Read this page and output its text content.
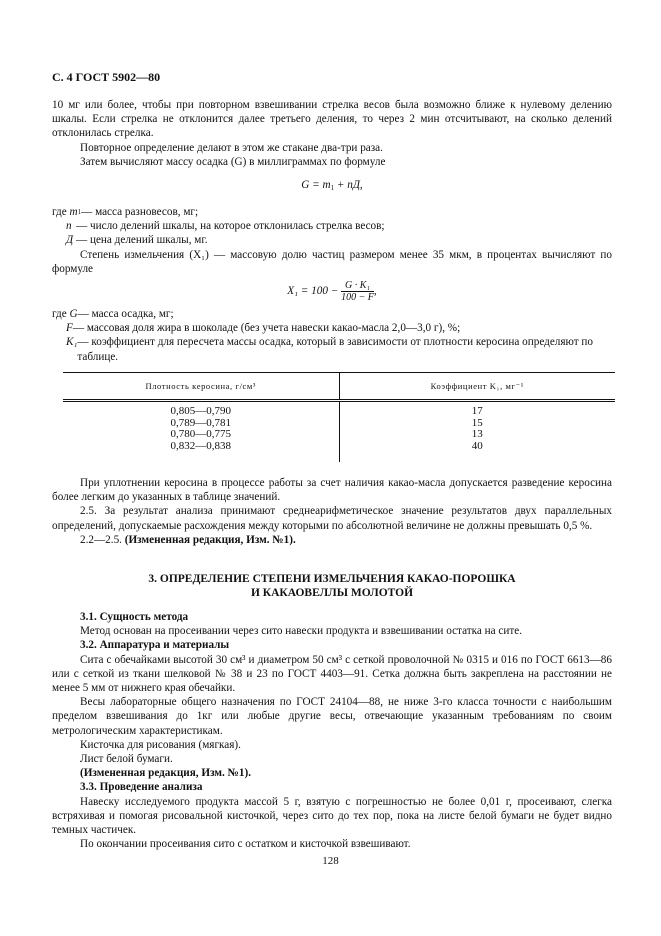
С. 4 ГОСТ 5902—80

10 мг или более, чтобы при повторном взвешивании стрелка весов была возможно ближе к нулевому делению шкалы. Если стрелка не отклонится далее третьего деления, то через 2 мин отсчитывают, на сколько делений отклонилась стрелка.

Повторное определение делают в этом же стакане два-три раза.

Затем вычисляют массу осадка (G) в миллиграммах по формуле

$G = m_1$ + nД,
где
m 1 — масса разновесов, мг;
n — число делений шкалы, на которое отклонилась стрелка весов;
Д — цена делений шкалы, мг.

Степень измельчения (X₁) — массовую долю частиц размером менее 35 мкм, в процентах вычисляют по формуле

$X_1 = 100 - \frac{\text{G · K₁}}{100 - F}$ ,
где
G — масса осадка, мг;
F — массовая доля жира в шоколаде (без учета навески какао-масла 2,0—3,0 г), %;
K₁ — коэффициент для пересчета массы осадка, который в зависимости от плотности керосина определяют по таблице.
Плотность керосина, г/см³	Коэффициент K₁, мг⁻¹
0,805—0,790	17
0,789—0,781	15
0,780—0,775	13
0,832—0,838	40

При уплотнении керосина в процессе работы за счет наличия какао-масла допускается разведение керосина более легким до указанных в таблице значений.

2.5. За результат анализа принимают среднеарифметическое значение результатов двух параллельных определений, допускаемые расхождения между которыми по абсолютной величине не должны превышать 0,5 %.

2.2—2.5. (Измененная редакция, Изм. №1).

3. ОПРЕДЕЛЕНИЕ СТЕПЕНИ ИЗМЕЛЬЧЕНИЯ КАКАО-ПОРОШКА
И КАКАОВЕЛЛЫ МОЛОТОЙ

3.1. Сущность метода

Метод основан на просеивании через сито навески продукта и взвешивании остатка на сите.

3.2. Аппаратура и материалы

Сита с обечайками высотой 30 см³ и диаметром 50 см³ с сеткой проволочной № 0315 и 016 по ГОСТ 6613—86 или с сеткой из ткани шелковой № 38 и 23 по ГОСТ 4403—91. Сетка должна быть закреплена на расстоянии не менее 5 мм от нижнего края обечайки.

Весы лабораторные общего назначения по ГОСТ 24104—88, не ниже 3-го класса точности с наибольшим пределом взвешивания до 1кг или любые другие весы, отвечающие указанным требованиям по своим метрологическим характеристикам.

Кисточка для рисования (мягкая).

Лист белой бумаги.

(Измененная редакция, Изм. №1).

3.3. Проведение анализа

Навеску исследуемого продукта массой 5 г, взятую с погрешностью не более 0,01 г, просеивают, слегка встряхивая и помогая рисовальной кисточкой, через сито до тех пор, пока на листе белой бумаги не будет видно темных частичек.

По окончании просеивания сито с остатком и кисточкой взвешивают.

128
